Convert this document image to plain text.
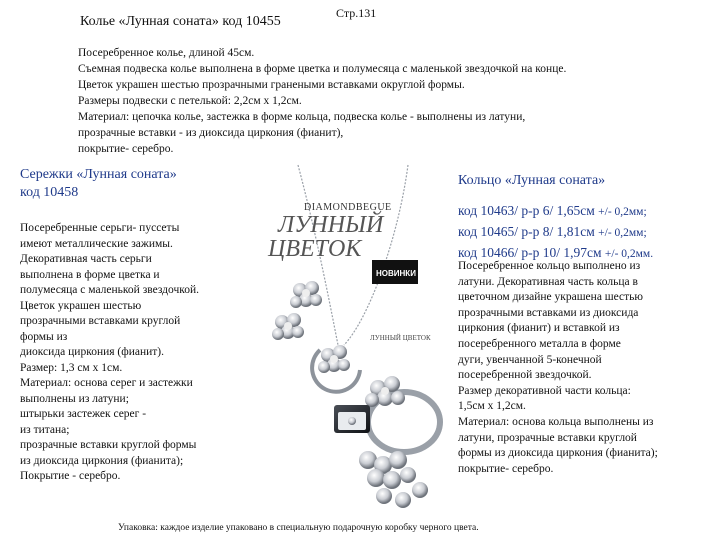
Колье «Лунная соната» код 10455
Стр.131
Посеребренное колье, длиной 45см.
Съемная подвеска колье выполнена в форме цветка и полумесяца с маленькой звездочкой на конце.
Цветок украшен шестью прозрачными гранеными вставками округлой формы.
Размеры подвески с петелькой: 2,2см х 1,2см.
Материал: цепочка колье, застежка в форме кольца, подвеска колье - выполнены из латуни,
прозрачные вставки - из диоксида циркония (фианит),
покрытие- серебро.
Сережки «Лунная соната»
код 10458
Посеребренные серьги- пуссеты
имеют металлические зажимы.
Декоративная часть серьги
выполнена в форме цветка и
полумесяца с маленькой звездочкой.
Цветок украшен шестью
прозрачными вставками круглой
формы из
диоксида циркония (фианит).
Размер: 1,3 см х 1см.
Материал: основа серег и застежки
выполнены из латуни;
штырьки застежек серег -
из титана;
прозрачные вставки круглой формы
из диоксида циркония (фианита);
Покрытие - серебро.
DIAMONDBEGUE
ЛУННЫЙ
ЦВЕТОК
НОВИНКИ
ЛУННЫЙ ЦВЕТОК
Кольцо «Лунная соната»
код 10463/ р-р 6/ 1,65см +/- 0,2мм;
код 10465/ р-р 8/ 1,81см +/- 0,2мм;
код 10466/ р-р 10/ 1,97см +/- 0,2мм.
Посеребренное кольцо выполнено из
латуни. Декоративная часть кольца в
цветочном дизайне украшена шестью
прозрачными вставками из диоксида
циркония (фианит) и вставкой из
посеребренного металла в форме
дуги, увенчанной 5-конечной
посеребренной звездочкой.
Размер декоративной части кольца:
1,5см х 1,2см.
Материал: основа кольца выполнены из
латуни, прозрачные вставки круглой
формы из диоксида циркония (фианита);
покрытие- серебро.
Упаковка: каждое изделие упаковано в специальную подарочную коробку черного цвета.
